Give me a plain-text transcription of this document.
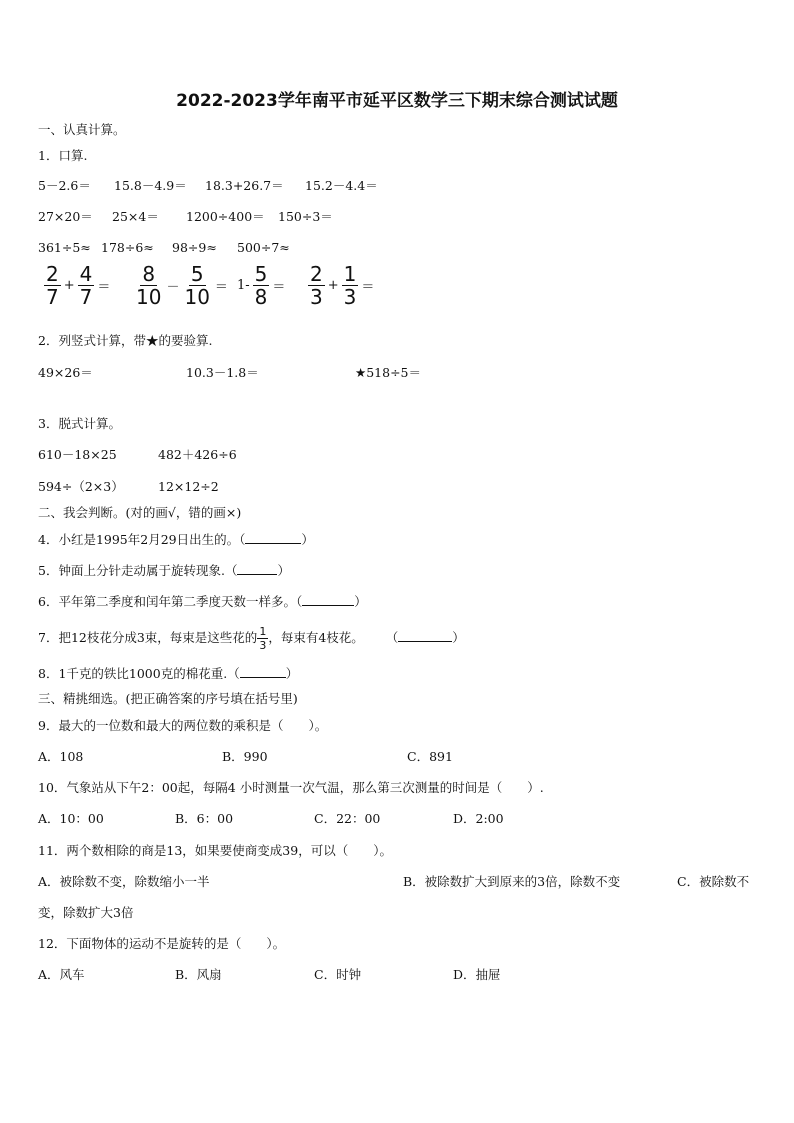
2022-2023学年南平市延平区数学三下期末综合测试试题
一、认真计算。
1．口算.
5－2.6＝ 15.8－4.9＝ 18.3+26.7＝ 15.2－4.4＝
27×20＝ 25×4＝ 1200÷400＝ 150÷3＝
361÷5≈ 178÷6≈ 98÷9≈ 500÷7≈
$\frac{2}{7} + \frac{4}{7} = \frac{8}{10} - \frac{5}{10} = 1- \frac{5}{8} = \frac{2}{3} + \frac{1}{3}$ ＝
2．列竖式计算，带★的要验算.
49×26＝	10.3－1.8＝	★518÷5＝
3．脱式计算。
610－18×25	482＋426÷6
594÷（2×3）	12×12÷2
二、我会判断。(对的画√，错的画×)
4．小红是1995年2月29日出生的。（	）
5．钟面上分针走动属于旋转现象.（	）
6．平年第二季度和闰年第二季度天数一样多。（	）
7．把12枝花分成3束，每束是这些花的 $\frac{1}{3}$ ，每束有4枝花。 （	）
8．1千克的铁比1000克的棉花重.（	）
三、精挑细选。(把正确答案的序号填在括号里)
9．最大的一位数和最大的两位数的乘积是（　　）。
A．108	B．990	C．891
10．气象站从下午2：00起，每隔4 小时测量一次气温，那么第三次测量的时间是（　　）.
A．10：00	B．6：00	C．22：00	D．2:00
11．两个数相除的商是13，如果要使商变成39，可以（　　）。
A．被除数不变，除数缩小一半	B．被除数扩大到原来的3倍，除数不变	C．被除数不
变，除数扩大3倍
12．下面物体的运动不是旋转的是（　　）。
A．风车	B．风扇	C．时钟	D．抽屉
